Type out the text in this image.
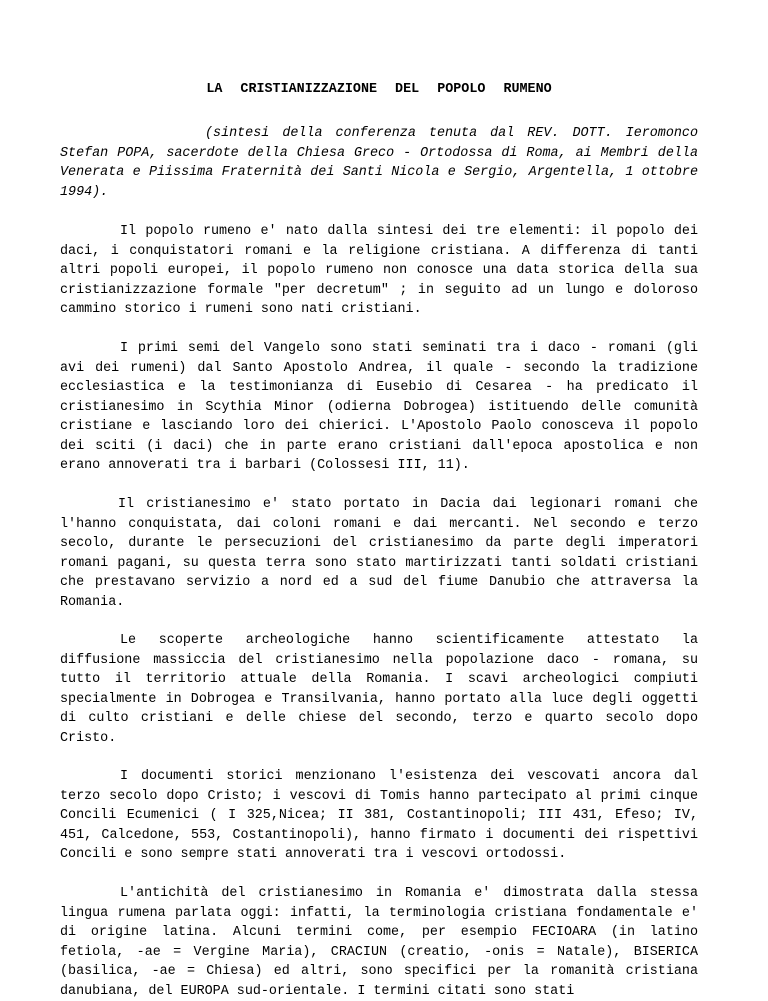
LA CRISTIANIZZAZIONE DEL POPOLO RUMENO

(sintesi della conferenza tenuta dal REV. DOTT. Ieromonco Stefan POPA, sacerdote della Chiesa Greco - Ortodossa di Roma, ai Membri della Venerata e Piissima Fraternità dei Santi Nicola e Sergio, Argentella, 1 ottobre 1994).

Il popolo rumeno e' nato dalla sintesi dei tre elementi: il popolo dei daci, i conquistatori romani e la religione cristiana. A differenza di tanti altri popoli europei, il popolo rumeno non conosce una data storica della sua cristianizzazione formale "per decretum" ; in seguito ad un lungo e doloroso cammino storico i rumeni sono nati cristiani.

I primi semi del Vangelo sono stati seminati tra i daco - romani (gli avi dei rumeni) dal Santo Apostolo Andrea, il quale - secondo la tradizione ecclesiastica e la testimonianza di Eusebio di Cesarea - ha predicato il cristianesimo in Scythia Minor (odierna Dobrogea) istituendo delle comunità cristiane e lasciando loro dei chierici. L'Apostolo Paolo conosceva il popolo dei sciti (i daci) che in parte erano cristiani dall'epoca apostolica e non erano annoverati tra i barbari (Colossesi III, 11).

Il cristianesimo e' stato portato in Dacia dai legionari romani che l'hanno conquistata, dai coloni romani e dai mercanti. Nel secondo e terzo secolo, durante le persecuzioni del cristianesimo da parte degli imperatori romani pagani, su questa terra sono stato martirizzati tanti soldati cristiani che prestavano servizio a nord ed a sud del fiume Danubio che attraversa la Romania.

Le scoperte archeologiche hanno scientificamente attestato la diffusione massiccia del cristianesimo nella popolazione daco - romana, su tutto il territorio attuale della Romania. I scavi archeologici compiuti specialmente in Dobrogea e Transilvania, hanno portato alla luce degli oggetti di culto cristiani e delle chiese del secondo, terzo e quarto secolo dopo Cristo.

I documenti storici menzionano l'esistenza dei vescovati ancora dal terzo secolo dopo Cristo; i vescovi di Tomis hanno partecipato al primi cinque Concili Ecumenici ( I 325,Nicea; II 381, Costantinopoli; III 431, Efeso; IV, 451, Calcedone, 553, Costantinopoli), hanno firmato i documenti dei rispettivi Concili e sono sempre stati annoverati tra i vescovi ortodossi.

L'antichità del cristianesimo in Romania e' dimostrata dalla stessa lingua rumena parlata oggi: infatti, la terminologia cristiana fondamentale e' di origine latina. Alcuni termini come, per esempio FECIOARA (in latino fetiola, -ae = Vergine Maria), CRACIUN (creatio, -onis = Natale), BISERICA (basilica, -ae = Chiesa) ed altri, sono specifici per la romanità cristiana danubiana, del EUROPA sud-orientale. I termini citati sono stati
